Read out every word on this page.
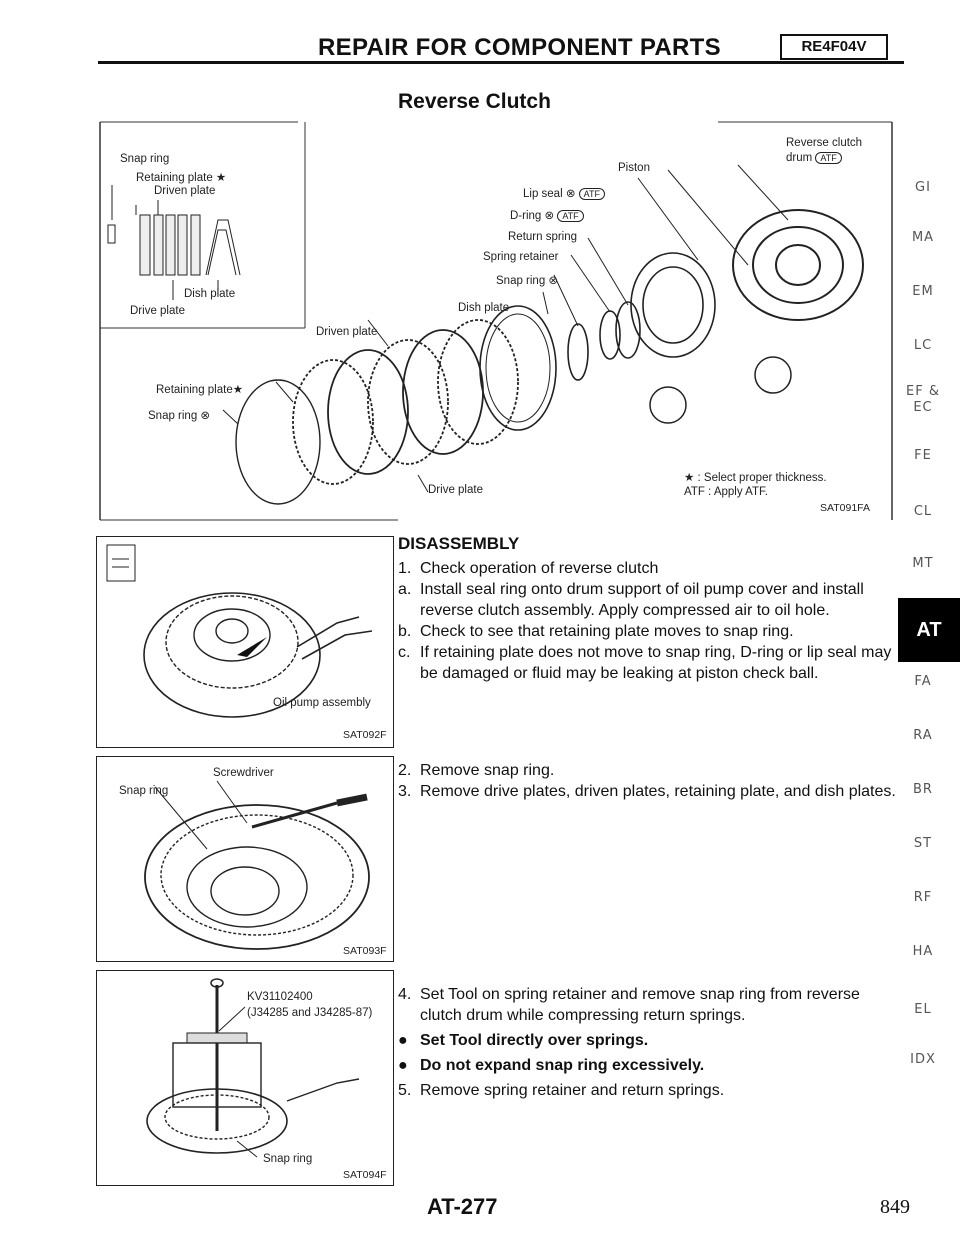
REPAIR FOR COMPONENT PARTS	RE4F04V
Reverse Clutch
Snap ring
Retaining plate ★
Driven plate
Dish plate
Drive plate
Reverse clutch
drum ATF
Piston
Lip seal ⊗ ATF
D-ring ⊗ ATF
Return spring
Spring retainer
Snap ring ⊗
Dish plate
Driven plate
Retaining plate★
Snap ring ⊗
Drive plate
★ : Select proper thickness.
ATF : Apply ATF.
SAT091FA
Oil pump assembly
SAT092F
Screwdriver
Snap ring
SAT093F
KV31102400
(J34285 and J34285-87)
Snap ring
SAT094F
DISASSEMBLY
1. Check operation of reverse clutch
a. Install seal ring onto drum support of oil pump cover and install reverse clutch assembly. Apply compressed air to oil hole.
b. Check to see that retaining plate moves to snap ring.
c. If retaining plate does not move to snap ring, D-ring or lip seal may be damaged or fluid may be leaking at piston check ball.
2. Remove snap ring.
3. Remove drive plates, driven plates, retaining plate, and dish plates.
4. Set Tool on spring retainer and remove snap ring from reverse clutch drum while compressing return springs.
● Set Tool directly over springs.
● Do not expand snap ring excessively.
5. Remove spring retainer and return springs.
GI
MA
EM
LC
EF &
EC
FE
CL
MT
FA
RA
BR
ST
RF
HA
EL
IDX
AT
AT-277	849
